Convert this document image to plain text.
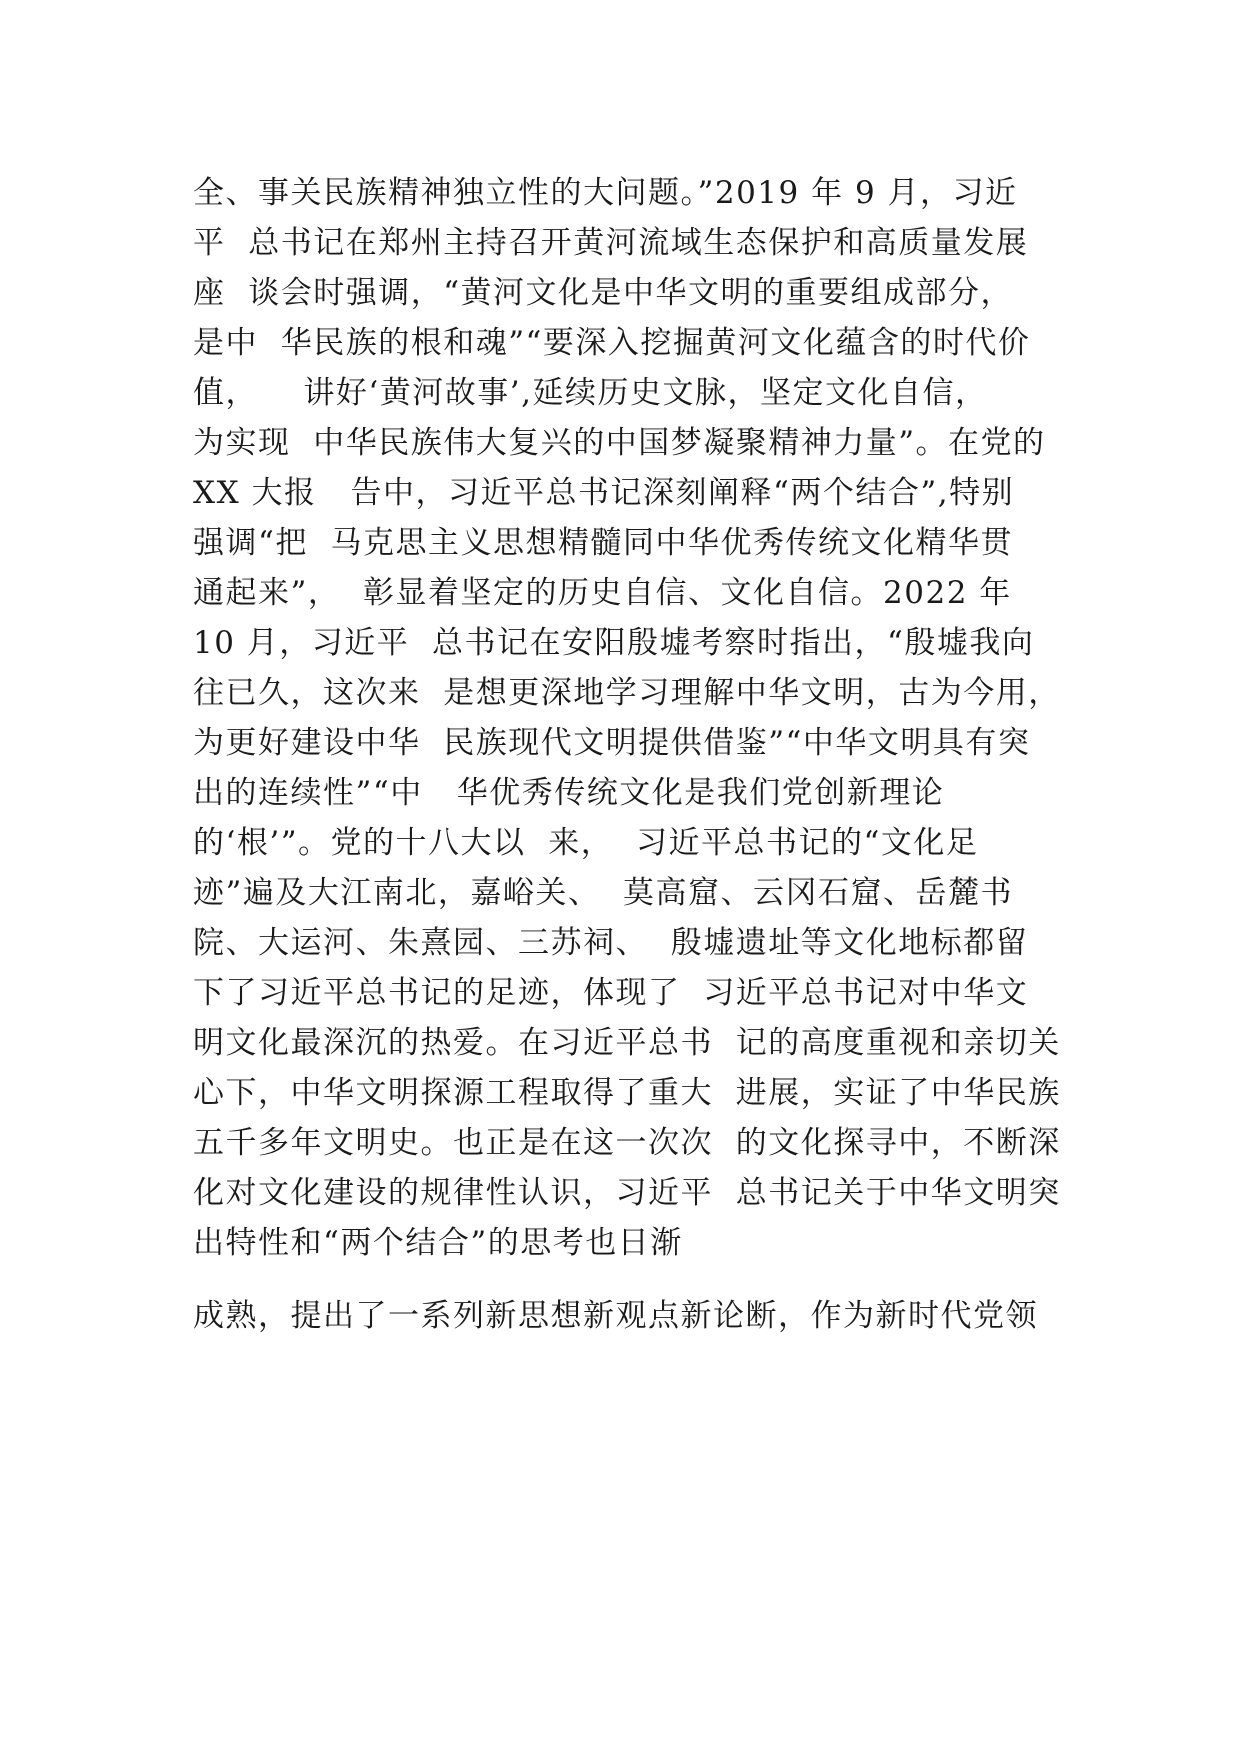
全、事关民族精神独立性的大问题。”2019 年 9 月，习近
平  总书记在郑州主持召开黄河流域生态保护和高质量发展
座  谈会时强调，“黄河文化是中华文明的重要组成部分，
是中  华民族的根和魂”“要深入挖掘黄河文化蕴含的时代价
值，    讲好‘黄河故事’,延续历史文脉，坚定文化自信，
为实现  中华民族伟大复兴的中国梦凝聚精神力量”。在党的
XX 大报   告中，习近平总书记深刻阐释“两个结合”,特别
强调“把  马克思主义思想精髓同中华优秀传统文化精华贯
通起来”，  彰显着坚定的历史自信、文化自信。2022 年
10 月，习近平  总书记在安阳殷墟考察时指出，“殷墟我向
往已久，这次来  是想更深地学习理解中华文明，古为今用，
为更好建设中华  民族现代文明提供借鉴”“中华文明具有突
出的连续性”“中   华优秀传统文化是我们党创新理论
的‘根’”。党的十八大以  来，  习近平总书记的“文化足
迹”遍及大江南北，嘉峪关、  莫高窟、云冈石窟、岳麓书
院、大运河、朱熹园、三苏祠、  殷墟遗址等文化地标都留
下了习近平总书记的足迹，体现了  习近平总书记对中华文
明文化最深沉的热爱。在习近平总书  记的高度重视和亲切关
心下，中华文明探源工程取得了重大  进展，实证了中华民族
五千多年文明史。也正是在这一次次  的文化探寻中，不断深
化对文化建设的规律性认识，习近平  总书记关于中华文明突
出特性和“两个结合”的思考也日渐
成熟，提出了一系列新思想新观点新论断，作为新时代党领
